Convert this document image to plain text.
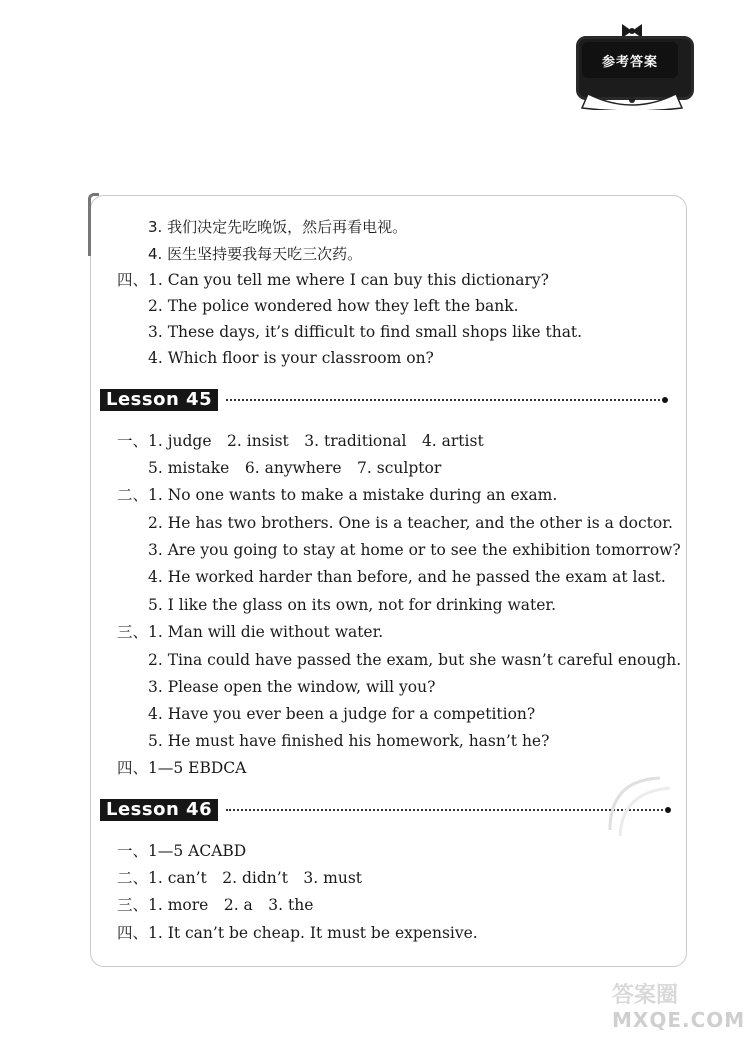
参考答案
3. 我们决定先吃晚饭，然后再看电视。
4. 医生坚持要我每天吃三次药。
四、1. Can you tell me where I can buy this dictionary?
2. The police wondered how they left the bank.
3. These days, it’s difficult to find small shops like that.
4. Which floor is your classroom on?
Lesson 45
一、1. judge　2. insist　3. traditional　4. artist
5. mistake　6. anywhere　7. sculptor
二、1. No one wants to make a mistake during an exam.
2. He has two brothers. One is a teacher, and the other is a doctor.
3. Are you going to stay at home or to see the exhibition tomorrow?
4. He worked harder than before, and he passed the exam at last.
5. I like the glass on its own, not for drinking water.
三、1. Man will die without water.
2. Tina could have passed the exam, but she wasn’t careful enough.
3. Please open the window, will you?
4. Have you ever been a judge for a competition?
5. He must have finished his homework, hasn’t he?
四、1—5 EBDCA
Lesson 46
一、1—5 ACABD
二、1. can’t　2. didn’t　3. must
三、1. more　2. a　3. the
四、1. It can’t be cheap. It must be expensive.
答案圈
MXQE.COM
